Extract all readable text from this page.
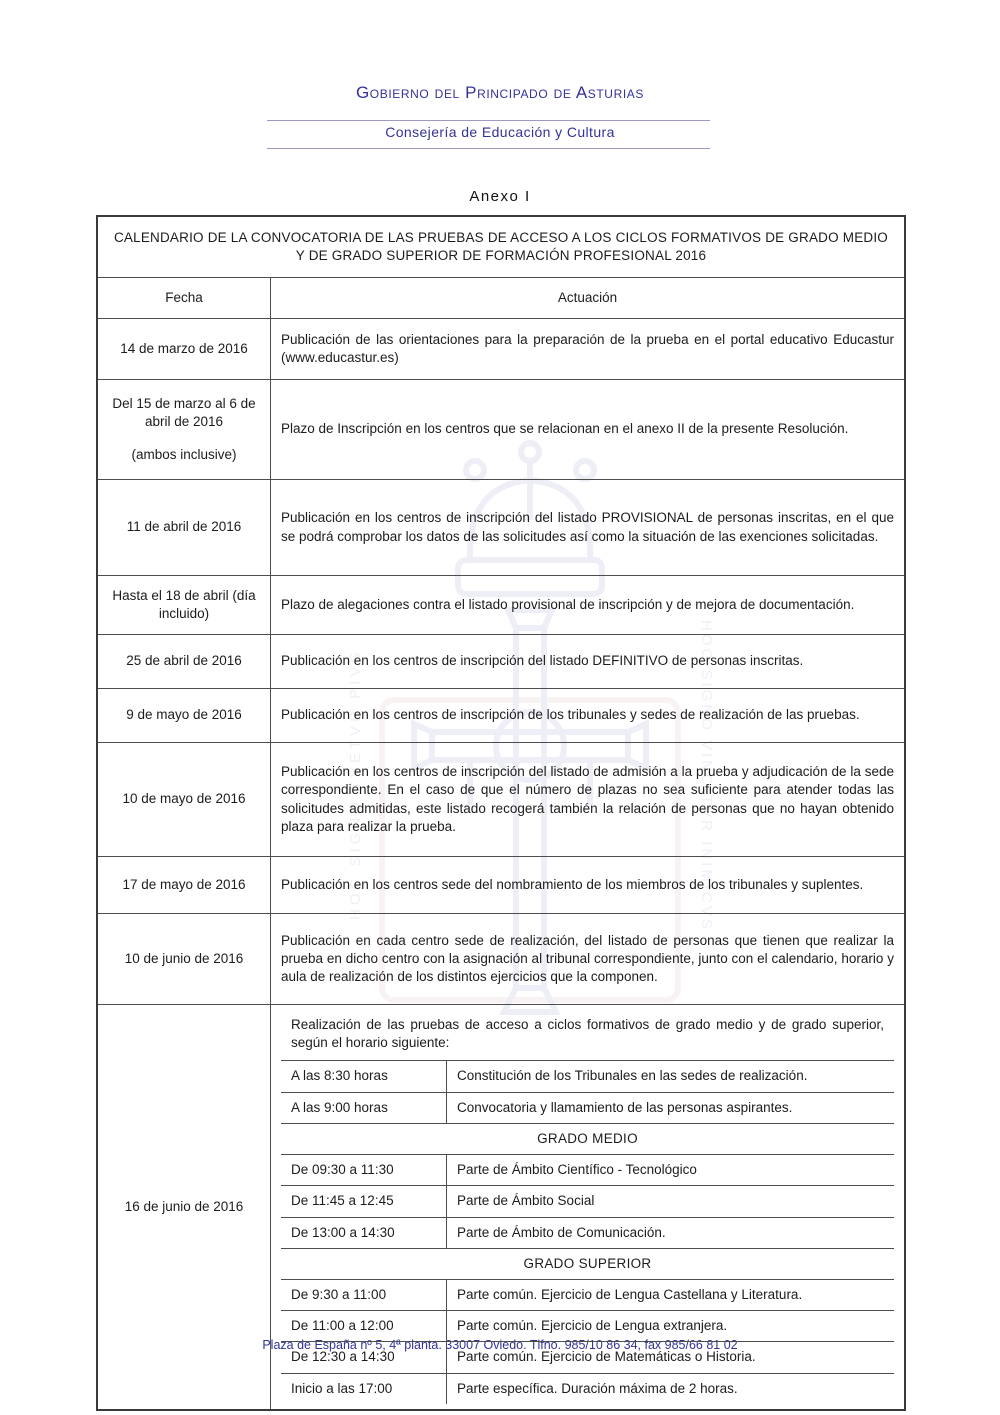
Gobierno del Principado de Asturias
Consejería de Educación y Cultura
Anexo I
HOC SIGNO TVETVR PIVS	HOC SIGNO VINCITVR INIMICVS
CALENDARIO DE LA CONVOCATORIA DE LAS PRUEBAS DE ACCESO A LOS CICLOS FORMATIVOS DE GRADO MEDIO Y DE GRADO SUPERIOR DE FORMACIÓN PROFESIONAL 2016	
Fecha	Actuación
14 de marzo de 2016	Publicación de las orientaciones para la preparación de la prueba en el portal educativo Educastur (www.educastur.es)

Del 15 de marzo al 6 de abril de 2016
(ambos inclusive)	Plazo de Inscripción en los centros que se relacionan en el anexo II de la presente Resolución.
11 de abril de 2016	Publicación en los centros de inscripción del listado PROVISIONAL de personas inscritas, en el que se podrá comprobar los datos de las solicitudes así como la situación de las exenciones solicitadas.
Hasta el 18 de abril (día incluido)	Plazo de alegaciones contra el listado provisional de inscripción y de mejora de documentación.
25 de abril de 2016	Publicación en los centros de inscripción del listado DEFINITIVO de personas inscritas.
9 de mayo de 2016	Publicación en los centros de inscripción de los tribunales y sedes de realización de las pruebas.
10 de mayo de 2016	Publicación en los centros de inscripción del listado de admisión a la prueba y adjudicación de la sede correspondiente. En el caso de que el número de plazas no sea suficiente para atender todas las solicitudes admitidas, este listado recogerá también la relación de personas que no hayan obtenido plaza para realizar la prueba.
17 de mayo de 2016	Publicación en los centros sede del nombramiento de los miembros de los tribunales y suplentes.
10 de junio de 2016	Publicación en cada centro sede de realización, del listado de personas que tienen que realizar la prueba en dicho centro con la asignación al tribunal correspondiente, junto con el calendario, horario y aula de realización de los distintos ejercicios que la componen.
16 de junio de 2016	
Realización de las pruebas de acceso a ciclos formativos de grado medio y de grado superior, según el horario siguiente:
A las 8:30 horas	Constitución de los Tribunales en las sedes de realización.
A las 9:00 horas	Convocatoria y llamamiento de las personas aspirantes.
GRADO MEDIO
De 09:30 a 11:30	Parte de Ámbito Científico - Tecnológico
De 11:45 a 12:45	Parte de Ámbito Social
De 13:00 a 14:30	Parte de Ámbito de Comunicación.
GRADO SUPERIOR
De 9:30 a 11:00	Parte común. Ejercicio de Lengua Castellana y Literatura.
De 11:00 a 12:00	Parte común. Ejercicio de Lengua extranjera.
De 12:30 a 14:30	Parte común. Ejercicio de Matemáticas o Historia.
Inicio a las 17:00	Parte específica. Duración máxima de 2 horas.
Plaza de España nº 5, 4ª planta. 33007 Oviedo. Tlfno. 985/10 86 34, fax 985/66 81 02
